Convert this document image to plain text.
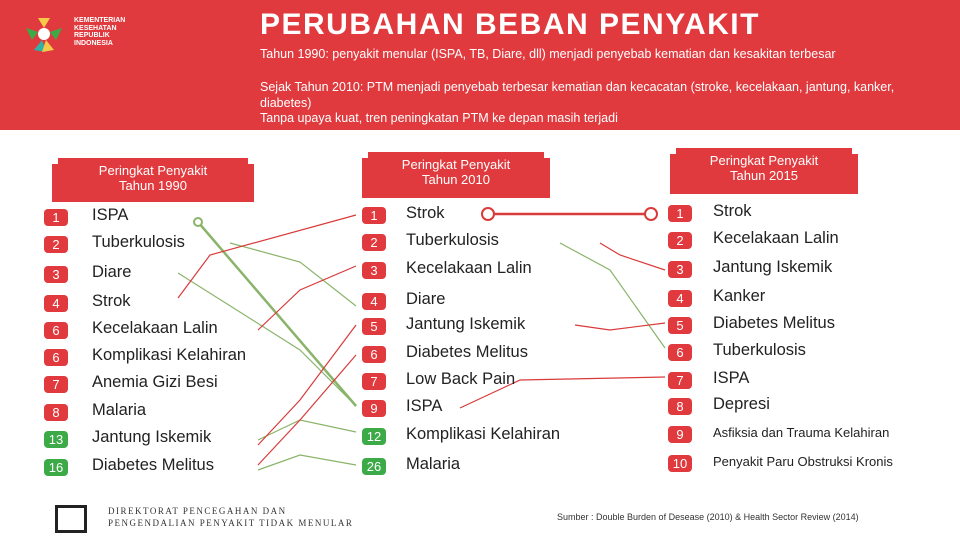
KEMENTERIAN
KESEHATAN
REPUBLIK
INDONESIA
PERUBAHAN BEBAN PENYAKIT
Tahun 1990: penyakit menular (ISPA, TB, Diare, dll) menjadi penyebab kematian dan kesakitan terbesar
Sejak Tahun 2010: PTM menjadi penyebab terbesar kematian dan kecacatan (stroke, kecelakaan, jantung, kanker, diabetes)
Tanpa upaya kuat, tren peningkatan PTM ke depan masih terjadi
Peringkat Penyakit
Tahun 1990
Peringkat Penyakit
Tahun 2010
Peringkat Penyakit
Tahun 2015
1	ISPA
2	Tuberkulosis
3	Diare
4	Strok
6	Kecelakaan Lalin
6	Komplikasi Kelahiran
7	Anemia Gizi Besi
8	Malaria
13 Jantung Iskemik
16 Diabetes Melitus
1	Strok
2	Tuberkulosis
3	Kecelakaan Lalin
4	Diare
5	Jantung Iskemik
6	Diabetes Melitus
7	Low Back Pain
9	ISPA
12 Komplikasi Kelahiran
26 Malaria
1	Strok
2	Kecelakaan Lalin
3	Jantung Iskemik
4	Kanker
5	Diabetes Melitus
6	Tuberkulosis
7	ISPA
8	Depresi
9	Asfiksia dan Trauma Kelahiran
10	Penyakit Paru Obstruksi Kronis
DIREKTORAT PENCEGAHAN DAN
PENGENDALIAN PENYAKIT TIDAK MENULAR
Sumber : Double Burden of Desease (2010) & Health Sector Review (2014)
